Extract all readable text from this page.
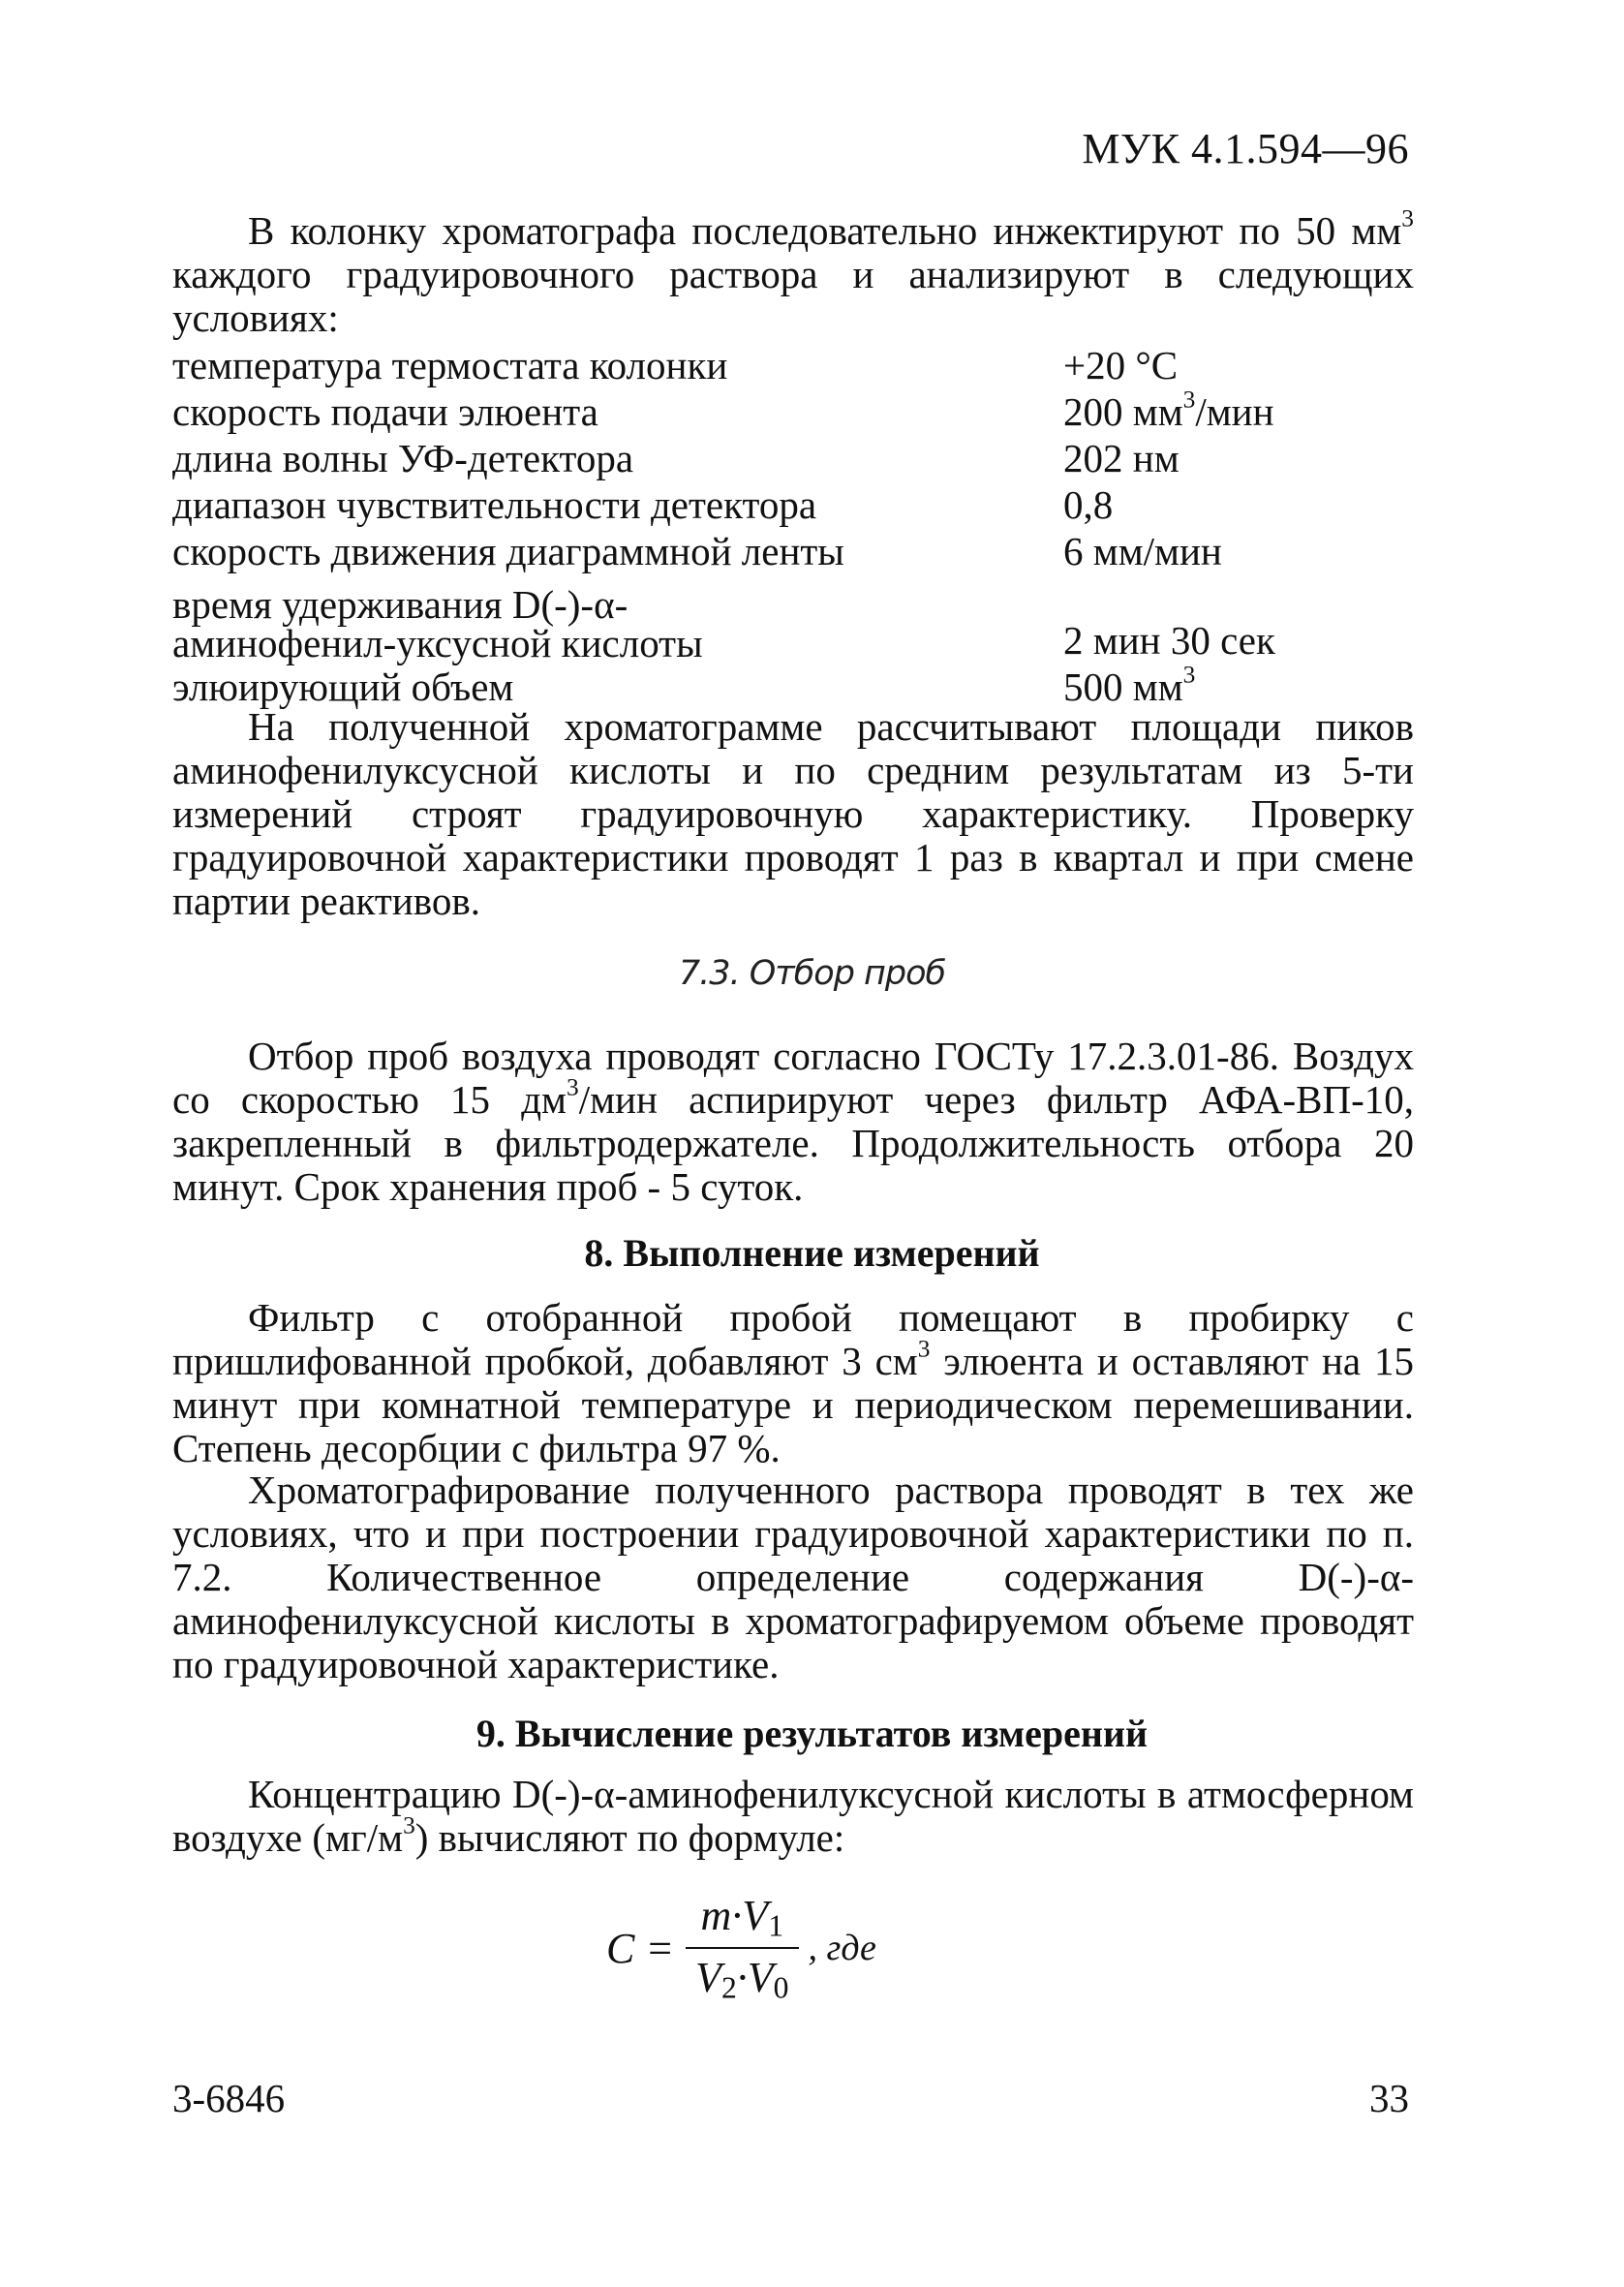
МУК 4.1.594—96

В колонку хроматографа последовательно инжектируют по 50 $мм^3$ каждого градуировочного раствора и анализируют в следующих условиях:

температура термостата колонки	+20 °С
скорость подачи элюента	200 $мм^3$/мин
длина волны УФ-детектора	202 нм
диапазон чувствительности детектора	0,8
скорость движения диаграммной ленты	6 мм/мин
время удерживания D(-)-α-аминофенил-уксусной кислоты	2 мин 30 сек
элюирующий объем	500 $мм^3$

На полученной хроматограмме рассчитывают площади пиков аминофенилуксусной кислоты и по средним результатам из 5-ти измерений строят градуировочную характеристику. Проверку градуировочной характеристики проводят 1 раз в квартал и при смене партии реактивов.

7.3. Отбор проб

Отбор проб воздуха проводят согласно ГОСТу 17.2.3.01-86. Воздух со скоростью 15 $дм^3$/мин аспирируют через фильтр АФА-ВП-10, закрепленный в фильтродержателе. Продолжительность отбора 20 минут. Срок хранения проб - 5 суток.

8. Выполнение измерений

Фильтр с отобранной пробой помещают в пробирку с пришлифованной пробкой, добавляют 3 $см^3$ элюента и оставляют на 15 минут при комнатной температуре и периодическом перемешивании. Степень десорбции с фильтра 97 %.

Хроматографирование полученного раствора проводят в тех же условиях, что и при построении градуировочной характеристики по п. 7.2. Количественное определение содержания D(-)-α-аминофенилуксусной кислоты в хроматографируемом объеме проводят по градуировочной характеристике.

9. Вычисление результатов измерений

Концентрацию D(-)-α-аминофенилуксусной кислоты в атмосферном воздухе $(мг/м^3)$ вычисляют по формуле:

$C = \frac{m\cdot V_1}{V_2\cdot V_0}$ , где
3-6846	33
